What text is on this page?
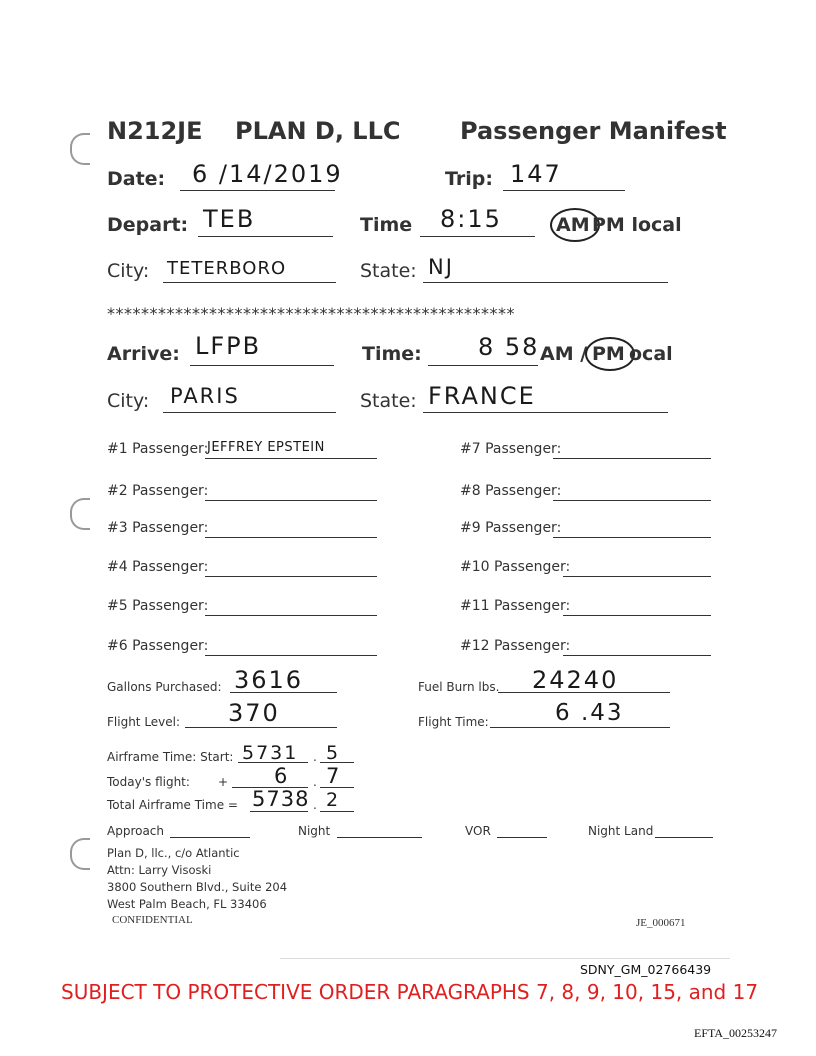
N212JE PLAN D, LLC Passenger Manifest
Date: 6 /14/2019	Trip: 147
Depart: TEB	Time 8:15	AM PM local
City: TETERBORO	State: NJ
************************************************
Arrive: LFPB	Time: 8 58 AM / PM ocal
City: PARIS	State: FRANCE
#1 Passenger:
JEFFREY EPSTEIN
#2 Passenger:
#3 Passenger:
#4 Passenger:
#5 Passenger:
#6 Passenger:
#7 Passenger:
#8 Passenger:
#9 Passenger:
#10 Passenger:
#11 Passenger:
#12 Passenger:
Gallons Purchased: 3616	Fuel Burn lbs. 24240
Flight Level: 370	Flight Time:	6 .43
Airframe Time: Start: 5731 . 5
Today's flight: + 6 . 7
Total Airframe Time = 5738 . 2
Approach	Night	VOR	Night Land
Plan D, llc., c/o Atlantic
Attn: Larry Visoski
3800 Southern Blvd., Suite 204
West Palm Beach, FL 33406
CONFIDENTIAL	JE_000671
SDNY_GM_02766439
SUBJECT TO PROTECTIVE ORDER PARAGRAPHS 7, 8, 9, 10, 15, and 17
EFTA_00253247
